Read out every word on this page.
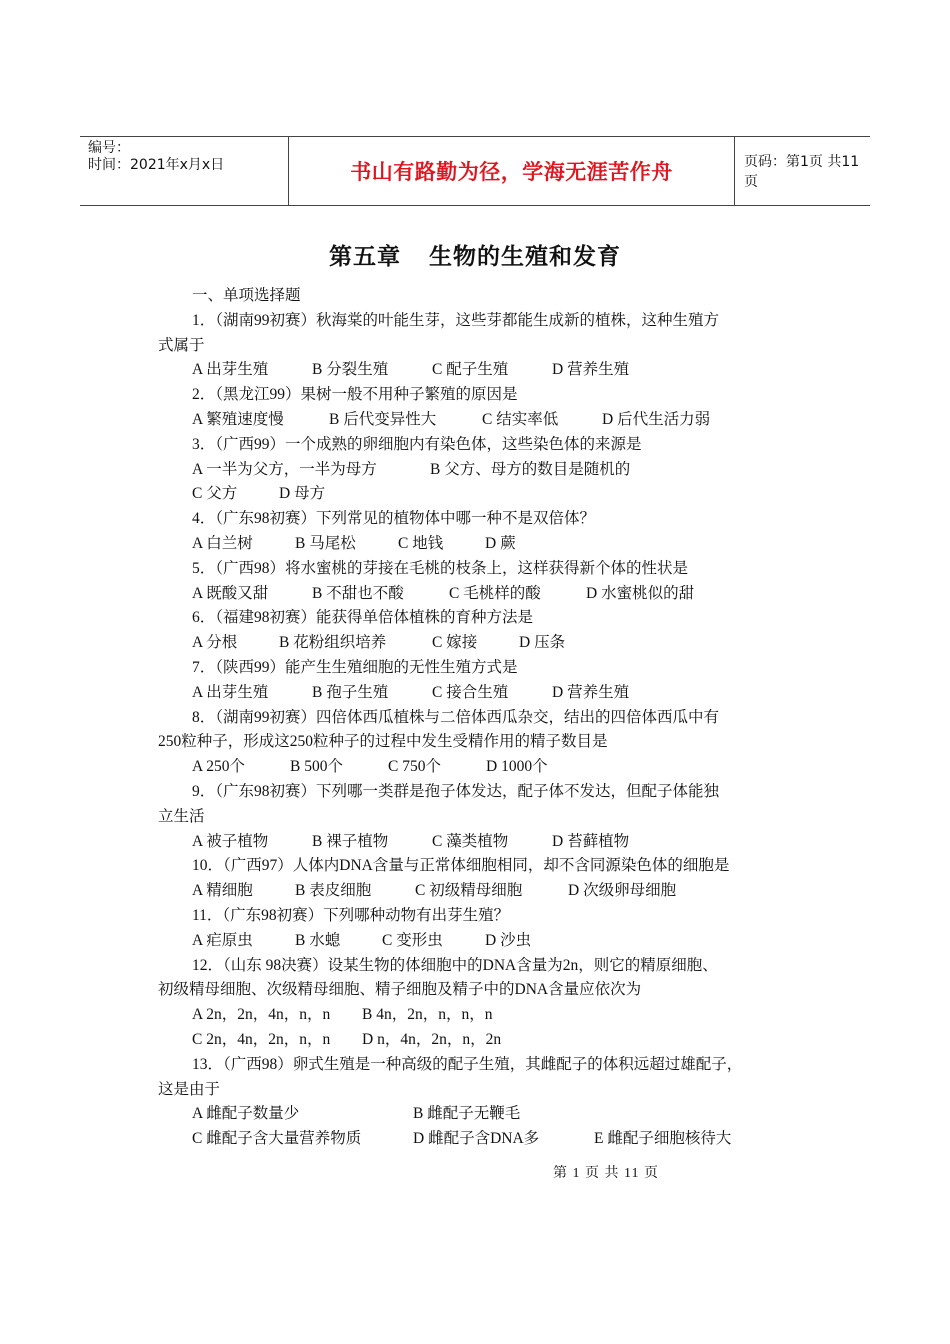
编号：
时间：2021年x月x日	书山有路勤为径，学海无涯苦作舟	页码：第1页 共11页
第五章 生物的生殖和发育
一、单项选择题
1．（湖南99初赛）秋海棠的叶能生芽，这些芽都能生成新的植株，这种生殖方
式属于
A 出芽生殖	B 分裂生殖	C 配子生殖	D 营养生殖
2．（黑龙江99）果树一般不用种子繁殖的原因是
A 繁殖速度慢	B 后代变异性大	C 结实率低	D 后代生活力弱
3．（广西99）一个成熟的卵细胞内有染色体，这些染色体的来源是
A 一半为父方，一半为母方	B 父方、母方的数目是随机的
C 父方	D 母方
4．（广东98初赛）下列常见的植物体中哪一种不是双倍体？
A 白兰树	B 马尾松	C 地钱	D 蕨
5．（广西98）将水蜜桃的芽接在毛桃的枝条上，这样获得新个体的性状是
A 既酸又甜	B 不甜也不酸	C 毛桃样的酸	D 水蜜桃似的甜
6．（福建98初赛）能获得单倍体植株的育种方法是
A 分根	B 花粉组织培养	C 嫁接	D 压条
7．（陕西99）能产生生殖细胞的无性生殖方式是
A 出芽生殖	B 孢子生殖	C 接合生殖	D 营养生殖
8．（湖南99初赛）四倍体西瓜植株与二倍体西瓜杂交，结出的四倍体西瓜中有
250粒种子，形成这250粒种子的过程中发生受精作用的精子数目是
A 250个	B 500个	C 750个	D 1000个
9．（广东98初赛）下列哪一类群是孢子体发达，配子体不发达，但配子体能独
立生活
A 被子植物	B 裸子植物	C 藻类植物	D 苔藓植物
10．（广西97）人体内DNA含量与正常体细胞相同，却不含同源染色体的细胞是
A 精细胞	B 表皮细胞	C 初级精母细胞	D 次级卵母细胞
11．（广东98初赛）下列哪种动物有出芽生殖？
A 疟原虫	B 水螅	C 变形虫	D 沙虫
12．（山东 98决赛）设某生物的体细胞中的DNA含量为2n，则它的精原细胞、
初级精母细胞、次级精母细胞、精子细胞及精子中的DNA含量应依次为
A 2n，2n，4n，n，n	B 4n，2n，n，n，n
C 2n，4n，2n，n，n	D n，4n，2n，n，2n
13．（广西98）卵式生殖是一种高级的配子生殖，其雌配子的体积远超过雄配子，
这是由于
A 雌配子数量少	B 雌配子无鞭毛
C 雌配子含大量营养物质	D 雌配子含DNA多	E 雌配子细胞核待大
第 1 页 共 11 页
